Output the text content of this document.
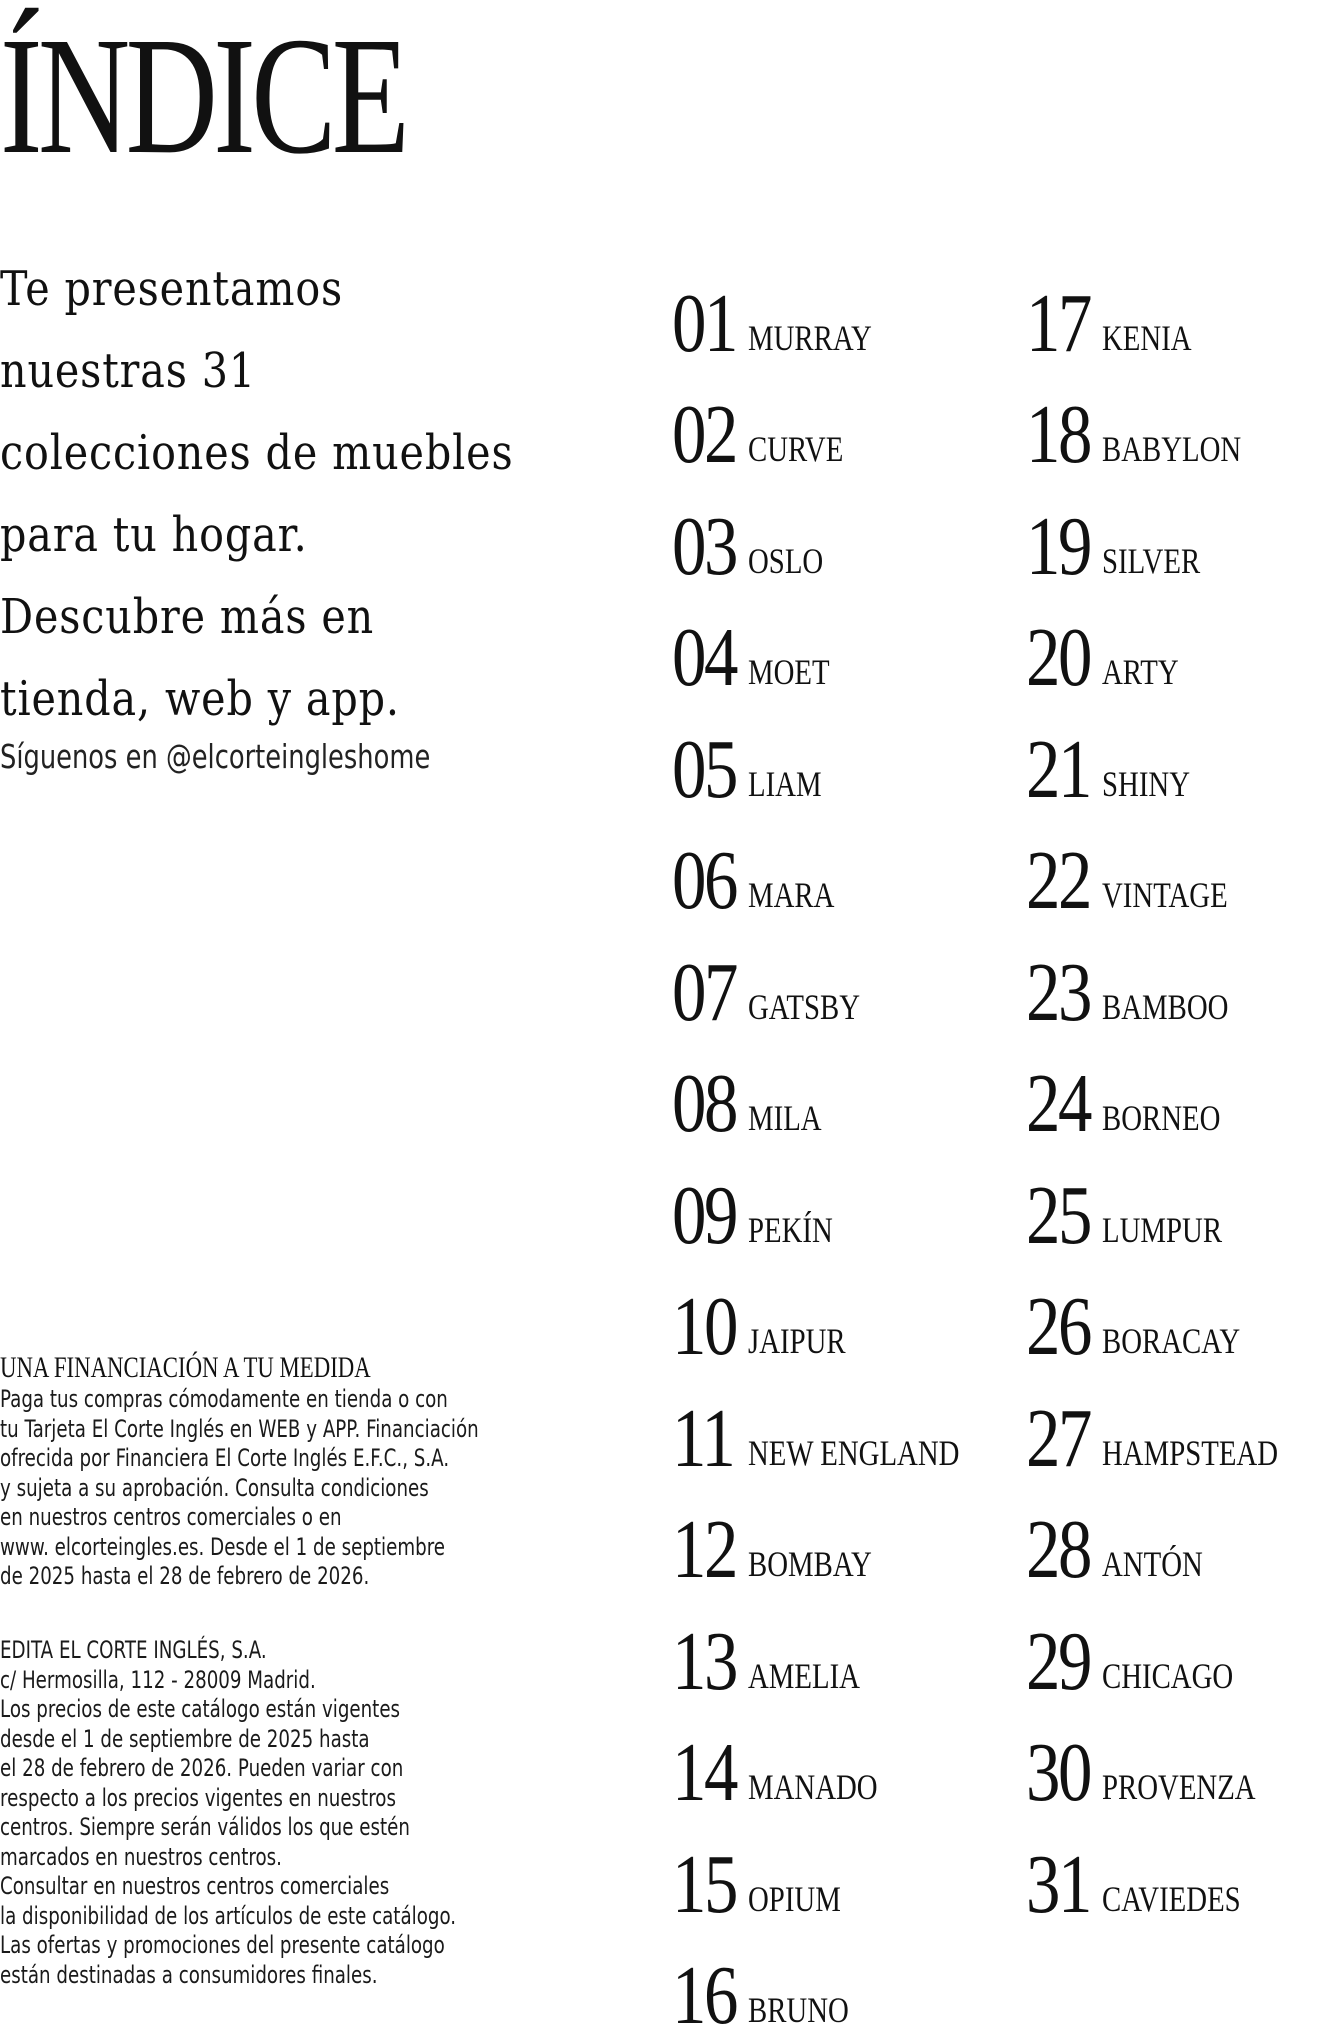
ÍNDICE

Te presentamos nuestras 31 colecciones de muebles para tu hogar. Descubre más en tienda, web y app.

Síguenos en @elcorteingleshome

UNA FINANCIACIÓN A TU MEDIDA

Paga tus compras cómodamente en tienda o con
tu Tarjeta El Corte Inglés en WEB y APP. Financiación
ofrecida por Financiera El Corte Inglés E.F.C., S.A.
y sujeta a su aprobación. Consulta condiciones
en nuestros centros comerciales o en
www. elcorteingles.es. Desde el 1 de septiembre
de 2025 hasta el 28 de febrero de 2026.

EDITA EL CORTE INGLÉS, S.A.
c/ Hermosilla, 112 - 28009 Madrid.
Los precios de este catálogo están vigentes
desde el 1 de septiembre de 2025 hasta
el 28 de febrero de 2026. Pueden variar con
respecto a los precios vigentes en nuestros
centros. Siempre serán válidos los que estén
marcados en nuestros centros.
Consultar en nuestros centros comerciales
la disponibilidad de los artículos de este catálogo.
Las ofertas y promociones del presente catálogo
están destinadas a consumidores finales.

01 MURRAY
02 CURVE
03 OSLO
04 MOET
05 LIAM
06 MARA
07 GATSBY
08 MILA
09 PEKÍN
10 JAIPUR
11 NEW ENGLAND
12 BOMBAY
13 AMELIA
14 MANADO
15 OPIUM
16 BRUNO
17 KENIA
18 BABYLON
19 SILVER
20 ARTY
21 SHINY
22 VINTAGE
23 BAMBOO
24 BORNEO
25 LUMPUR
26 BORACAY
27 HAMPSTEAD
28 ANTÓN
29 CHICAGO
30 PROVENZA
31 CAVIEDES
